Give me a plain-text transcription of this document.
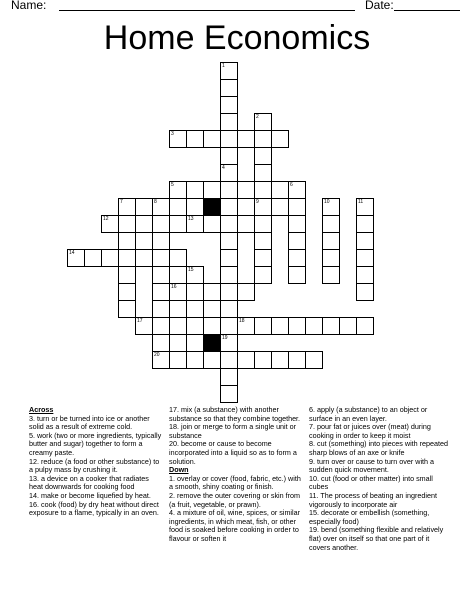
Name:	Date:
Home Economics
1
2
3
4
5	6
7	8	9	10	11
12	13
14
15
16
17	18
19
20
Across

3. turn or be turned into ice or another solid as a result of extreme cold.

5. work (two or more ingredients, typically butter and sugar) together to form a creamy paste.

12. reduce (a food or other substance) to a pulpy mass by crushing it.

13. a device on a cooker that radiates heat downwards for cooking food

14. make or become liquefied by heat.

16. cook (food) by dry heat without direct exposure to a flame, typically in an oven.

17. mix (a substance) with another substance so that they combine together.

18. join or merge to form a single unit or substance

20. become or cause to become incorporated into a liquid so as to form a solution.

Down

1. overlay or cover (food, fabric, etc.) with a smooth, shiny coating or finish.

2. remove the outer covering or skin from (a fruit, vegetable, or prawn).

4. a mixture of oil, wine, spices, or similar ingredients, in which meat, fish, or other food is soaked before cooking in order to flavour or soften it

6. apply (a substance) to an object or surface in an even layer.

7. pour fat or juices over (meat) during cooking in order to keep it moist

8. cut (something) into pieces with repeated sharp blows of an axe or knife

9. turn over or cause to turn over with a sudden quick movement.

10. cut (food or other matter) into small cubes

11. The process of beating an ingredient vigorously to incorporate air

15. decorate or embellish (something, especially food)

19. bend (something flexible and relatively flat) over on itself so that one part of it covers another.
